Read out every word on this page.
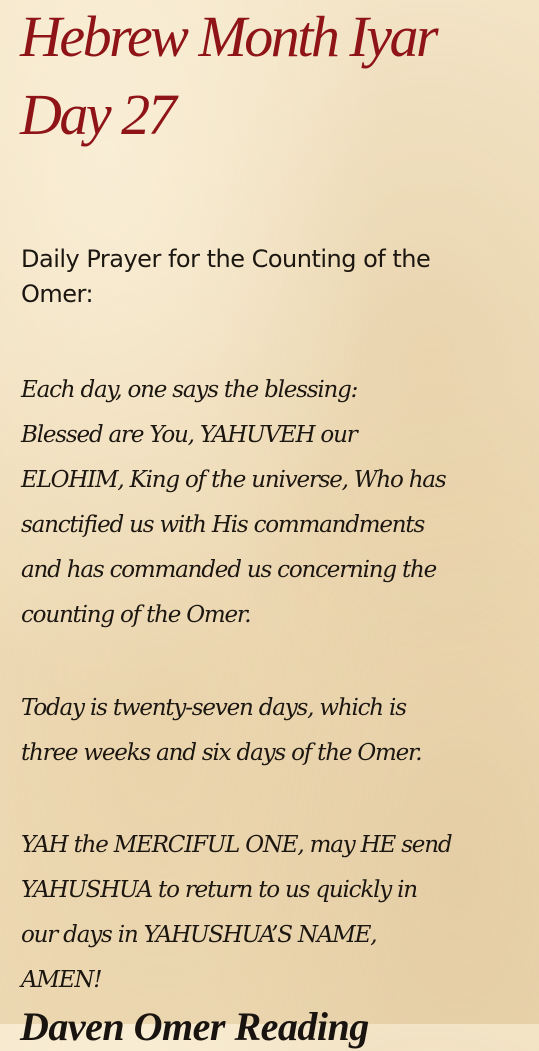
Hebrew Month Iyar
Day 27

Daily Prayer for the Counting of the
Omer:

Each day, one says the blessing:
Blessed are You, YAHUVEH our
ELOHIM, King of the universe, Who has
sanctified us with His commandments
and has commanded us concerning the
counting of the Omer.

Today is twenty-seven days, which is
three weeks and six days of the Omer.

YAH the MERCIFUL ONE, may HE send
YAHUSHUA to return to us quickly in
our days in YAHUSHUA’S NAME,
AMEN!

Daven Omer Reading
